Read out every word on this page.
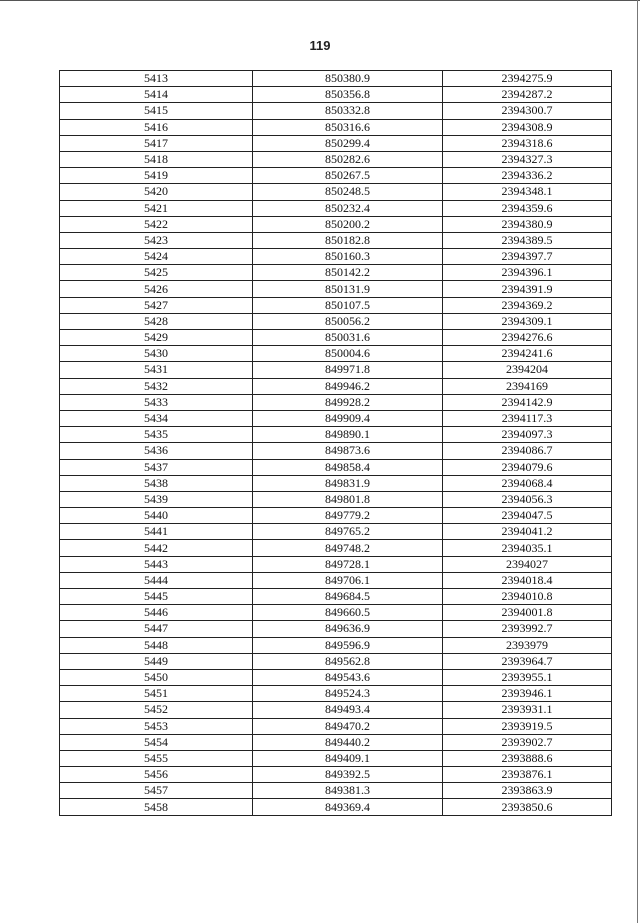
119
5413	850380.9	2394275.9
5414	850356.8	2394287.2
5415	850332.8	2394300.7
5416	850316.6	2394308.9
5417	850299.4	2394318.6
5418	850282.6	2394327.3
5419	850267.5	2394336.2
5420	850248.5	2394348.1
5421	850232.4	2394359.6
5422	850200.2	2394380.9
5423	850182.8	2394389.5
5424	850160.3	2394397.7
5425	850142.2	2394396.1
5426	850131.9	2394391.9
5427	850107.5	2394369.2
5428	850056.2	2394309.1
5429	850031.6	2394276.6
5430	850004.6	2394241.6
5431	849971.8	2394204
5432	849946.2	2394169
5433	849928.2	2394142.9
5434	849909.4	2394117.3
5435	849890.1	2394097.3
5436	849873.6	2394086.7
5437	849858.4	2394079.6
5438	849831.9	2394068.4
5439	849801.8	2394056.3
5440	849779.2	2394047.5
5441	849765.2	2394041.2
5442	849748.2	2394035.1
5443	849728.1	2394027
5444	849706.1	2394018.4
5445	849684.5	2394010.8
5446	849660.5	2394001.8
5447	849636.9	2393992.7
5448	849596.9	2393979
5449	849562.8	2393964.7
5450	849543.6	2393955.1
5451	849524.3	2393946.1
5452	849493.4	2393931.1
5453	849470.2	2393919.5
5454	849440.2	2393902.7
5455	849409.1	2393888.6
5456	849392.5	2393876.1
5457	849381.3	2393863.9
5458	849369.4	2393850.6
